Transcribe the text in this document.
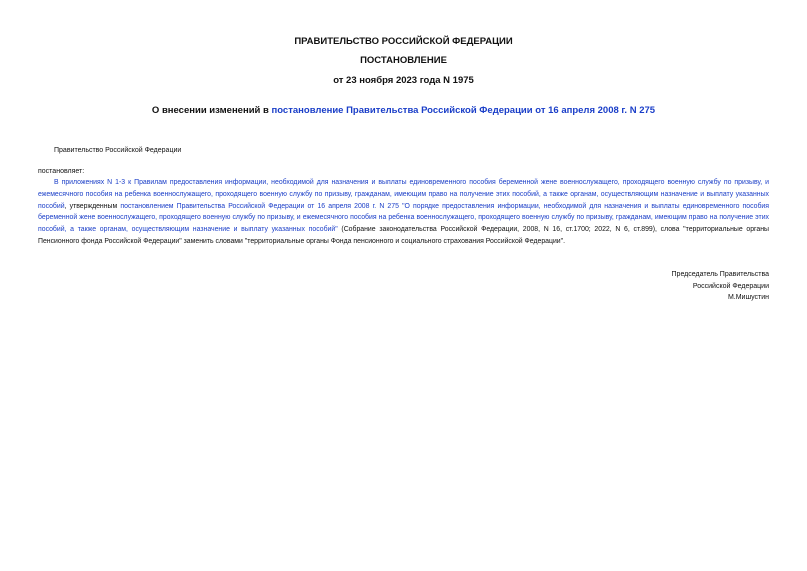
ПРАВИТЕЛЬСТВО РОССИЙСКОЙ ФЕДЕРАЦИИ
ПОСТАНОВЛЕНИЕ
от 23 ноября 2023 года N 1975
О внесении изменений в постановление Правительства Российской Федерации от 16 апреля 2008 г. N 275
Правительство Российской Федерации
постановляет:

В приложениях N 1-3 к Правилам предоставления информации, необходимой для назначения и выплаты единовременного пособия беременной жене военнослужащего, проходящего военную службу по призыву, и ежемесячного пособия на ребенка военнослужащего, проходящего военную службу по призыву, гражданам, имеющим право на получение этих пособий, а также органам, осуществляющим назначение и выплату указанных пособий, утвержденным постановлением Правительства Российской Федерации от 16 апреля 2008 г. N 275 "О порядке предоставления информации, необходимой для назначения и выплаты единовременного пособия беременной жене военнослужащего, проходящего военную службу по призыву, и ежемесячного пособия на ребенка военнослужащего, проходящего военную службу по призыву, гражданам, имеющим право на получение этих пособий, а также органам, осуществляющим назначение и выплату указанных пособий" (Собрание законодательства Российской Федерации, 2008, N 16, ст.1700; 2022, N 6, ст.899), слова "территориальные органы Пенсионного фонда Российской Федерации" заменить словами "территориальные органы Фонда пенсионного и социального страхования Российской Федерации".

Председатель Правительства
Российской Федерации
М.Мишустин
